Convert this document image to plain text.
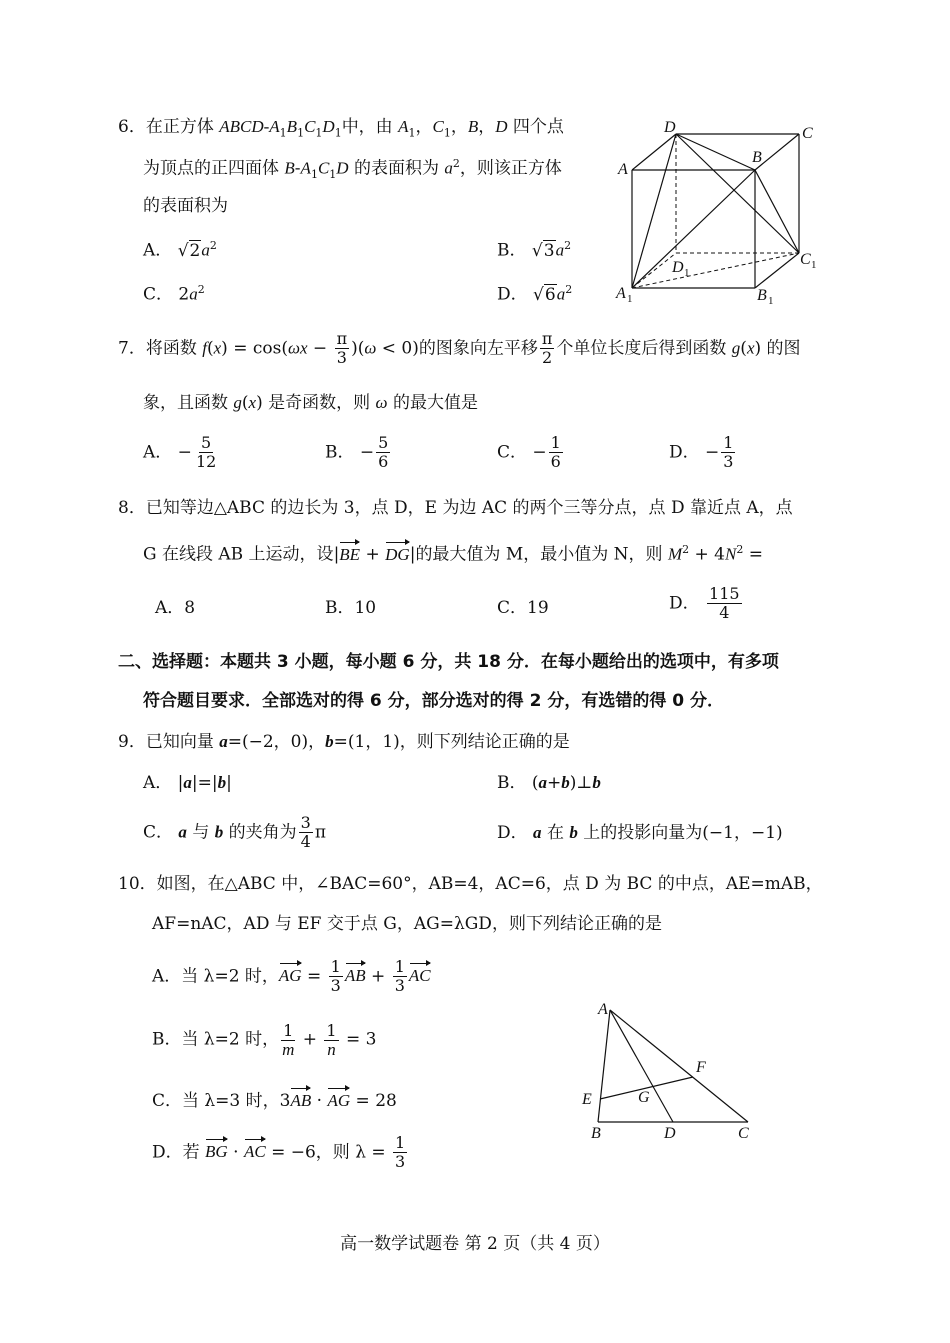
6．在正方体 ABCD-$A_1B_1C_1D_1$中，由 $A_1$，$C_1$，B，D 四个点
为顶点的正四面体 $B-A_1C_1D$ 的表面积为 $a^2$，则该正方体
的表面积为
A． $√2a^2$	B． $√3a^2$
C． $2a^2$	D． $√6a^2$
D	C
A
B
D 1
C 1
A 1	B 1
7．将函数 $f(x) = \cos(\omega x - \frac{\pi}{3} )(\omega < 0)$的图象向左平移 $\frac{\pi}{2}$ 个单位长度后得到函数 g(x) 的图
象，且函数 g(x) 是奇函数，则 ω 的最大值是
A． − $\frac{5}{12}$	B． − $\frac{5}{6}$	C． − $\frac{1}{6}$	D． − $\frac{1}{3}$
8．已知等边△ABC 的边长为 3，点 D，E 为边 AC 的两个三等分点，点 D 靠近点 A，点
G 在线段 AB 上运动，设|BE + DG|的最大值为 M，最小值为 N，则 $M^2 + 4N^2$ =
A．8	B．10	C．19	D． $\frac{115}{4}$
二、选择题：本题共 3 小题，每小题 6 分，共 18 分．在每小题给出的选项中，有多项
符合题目要求．全部选对的得 6 分，部分选对的得 2 分，有选错的得 0 分．
9．已知向量 a=(−2，0)，b=(1，1)，则下列结论正确的是
A． |a|=|b|	B． (a+b)⊥b
C． a 与 b 的夹角为 $\frac{3}{4}$ π	D． a 在 b 上的投影向量为(−1，−1)
10．如图，在△ABC 中，∠BAC=60°，AB=4，AC=6，点 D 为 BC 的中点，AE=mAB，
AF=nAC，AD 与 EF 交于点 G，AG=λGD，则下列结论正确的是
A．当 λ=2 时，AG = $\frac{1}{3}$ AB + $\frac{1}{3}$ AC
B．当 λ=2 时， $\frac{1}{m} + \frac{1}{n} = 3$
C．当 λ=3 时，3AB · AG = 28
D．若 BG · AC = −6，则 $\lambda = \frac{1}{3}$
A
B	C
D
E
F
G
高一数学试题卷 第 2 页（共 4 页）
